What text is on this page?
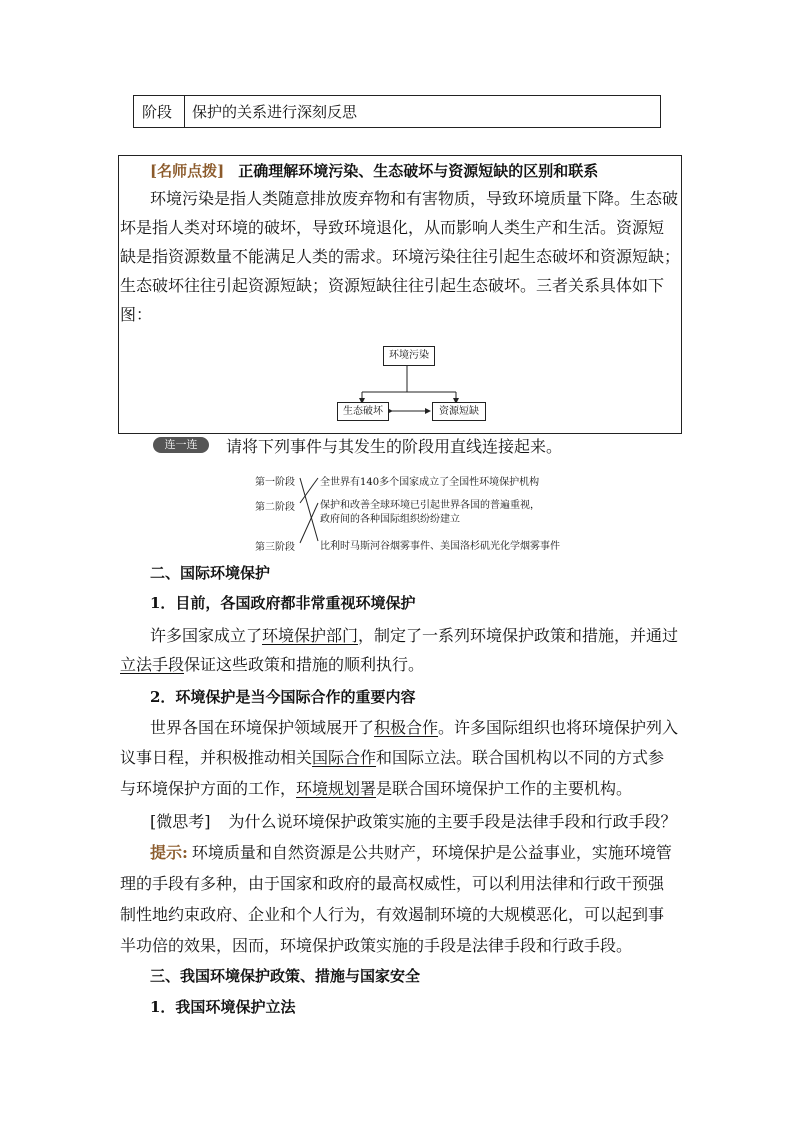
阶段 保护的关系进行深刻反思
[名师点拨] 正确理解环境污染、生态破坏与资源短缺的区别和联系
环境污染是指人类随意排放废弃物和有害物质，导致环境质量下降。生态破
坏是指人类对环境的破坏，导致环境退化，从而影响人类生产和生活。资源短
缺是指资源数量不能满足人类的需求。环境污染往往引起生态破坏和资源短缺；
生态破坏往往引起资源短缺；资源短缺往往引起生态破坏。三者关系具体如下
图：
环境污染
生态破坏	资源短缺
连一连	请将下列事件与其发生的阶段用直线连接起来。
第一阶段
第二阶段
第三阶段
全世界有140多个国家成立了全国性环境保护机构
保护和改善全球环境已引起世界各国的普遍重视，
政府间的各种国际组织纷纷建立
比利时马斯河谷烟雾事件、美国洛杉矶光化学烟雾事件
二、国际环境保护
1．目前，各国政府都非常重视环境保护
许多国家成立了环境保护部门，制定了一系列环境保护政策和措施，并通过
立法手段保证这些政策和措施的顺利执行。
2．环境保护是当今国际合作的重要内容
世界各国在环境保护领域展开了积极合作。许多国际组织也将环境保护列入
议事日程，并积极推动相关国际合作和国际立法。联合国机构以不同的方式参
与环境保护方面的工作，环境规划署是联合国环境保护工作的主要机构。
[微思考] 为什么说环境保护政策实施的主要手段是法律手段和行政手段？
提示: 环境质量和自然资源是公共财产，环境保护是公益事业，实施环境管
理的手段有多种，由于国家和政府的最高权威性，可以利用法律和行政干预强
制性地约束政府、企业和个人行为，有效遏制环境的大规模恶化，可以起到事
半功倍的效果，因而，环境保护政策实施的手段是法律手段和行政手段。
三、我国环境保护政策、措施与国家安全
1．我国环境保护立法
